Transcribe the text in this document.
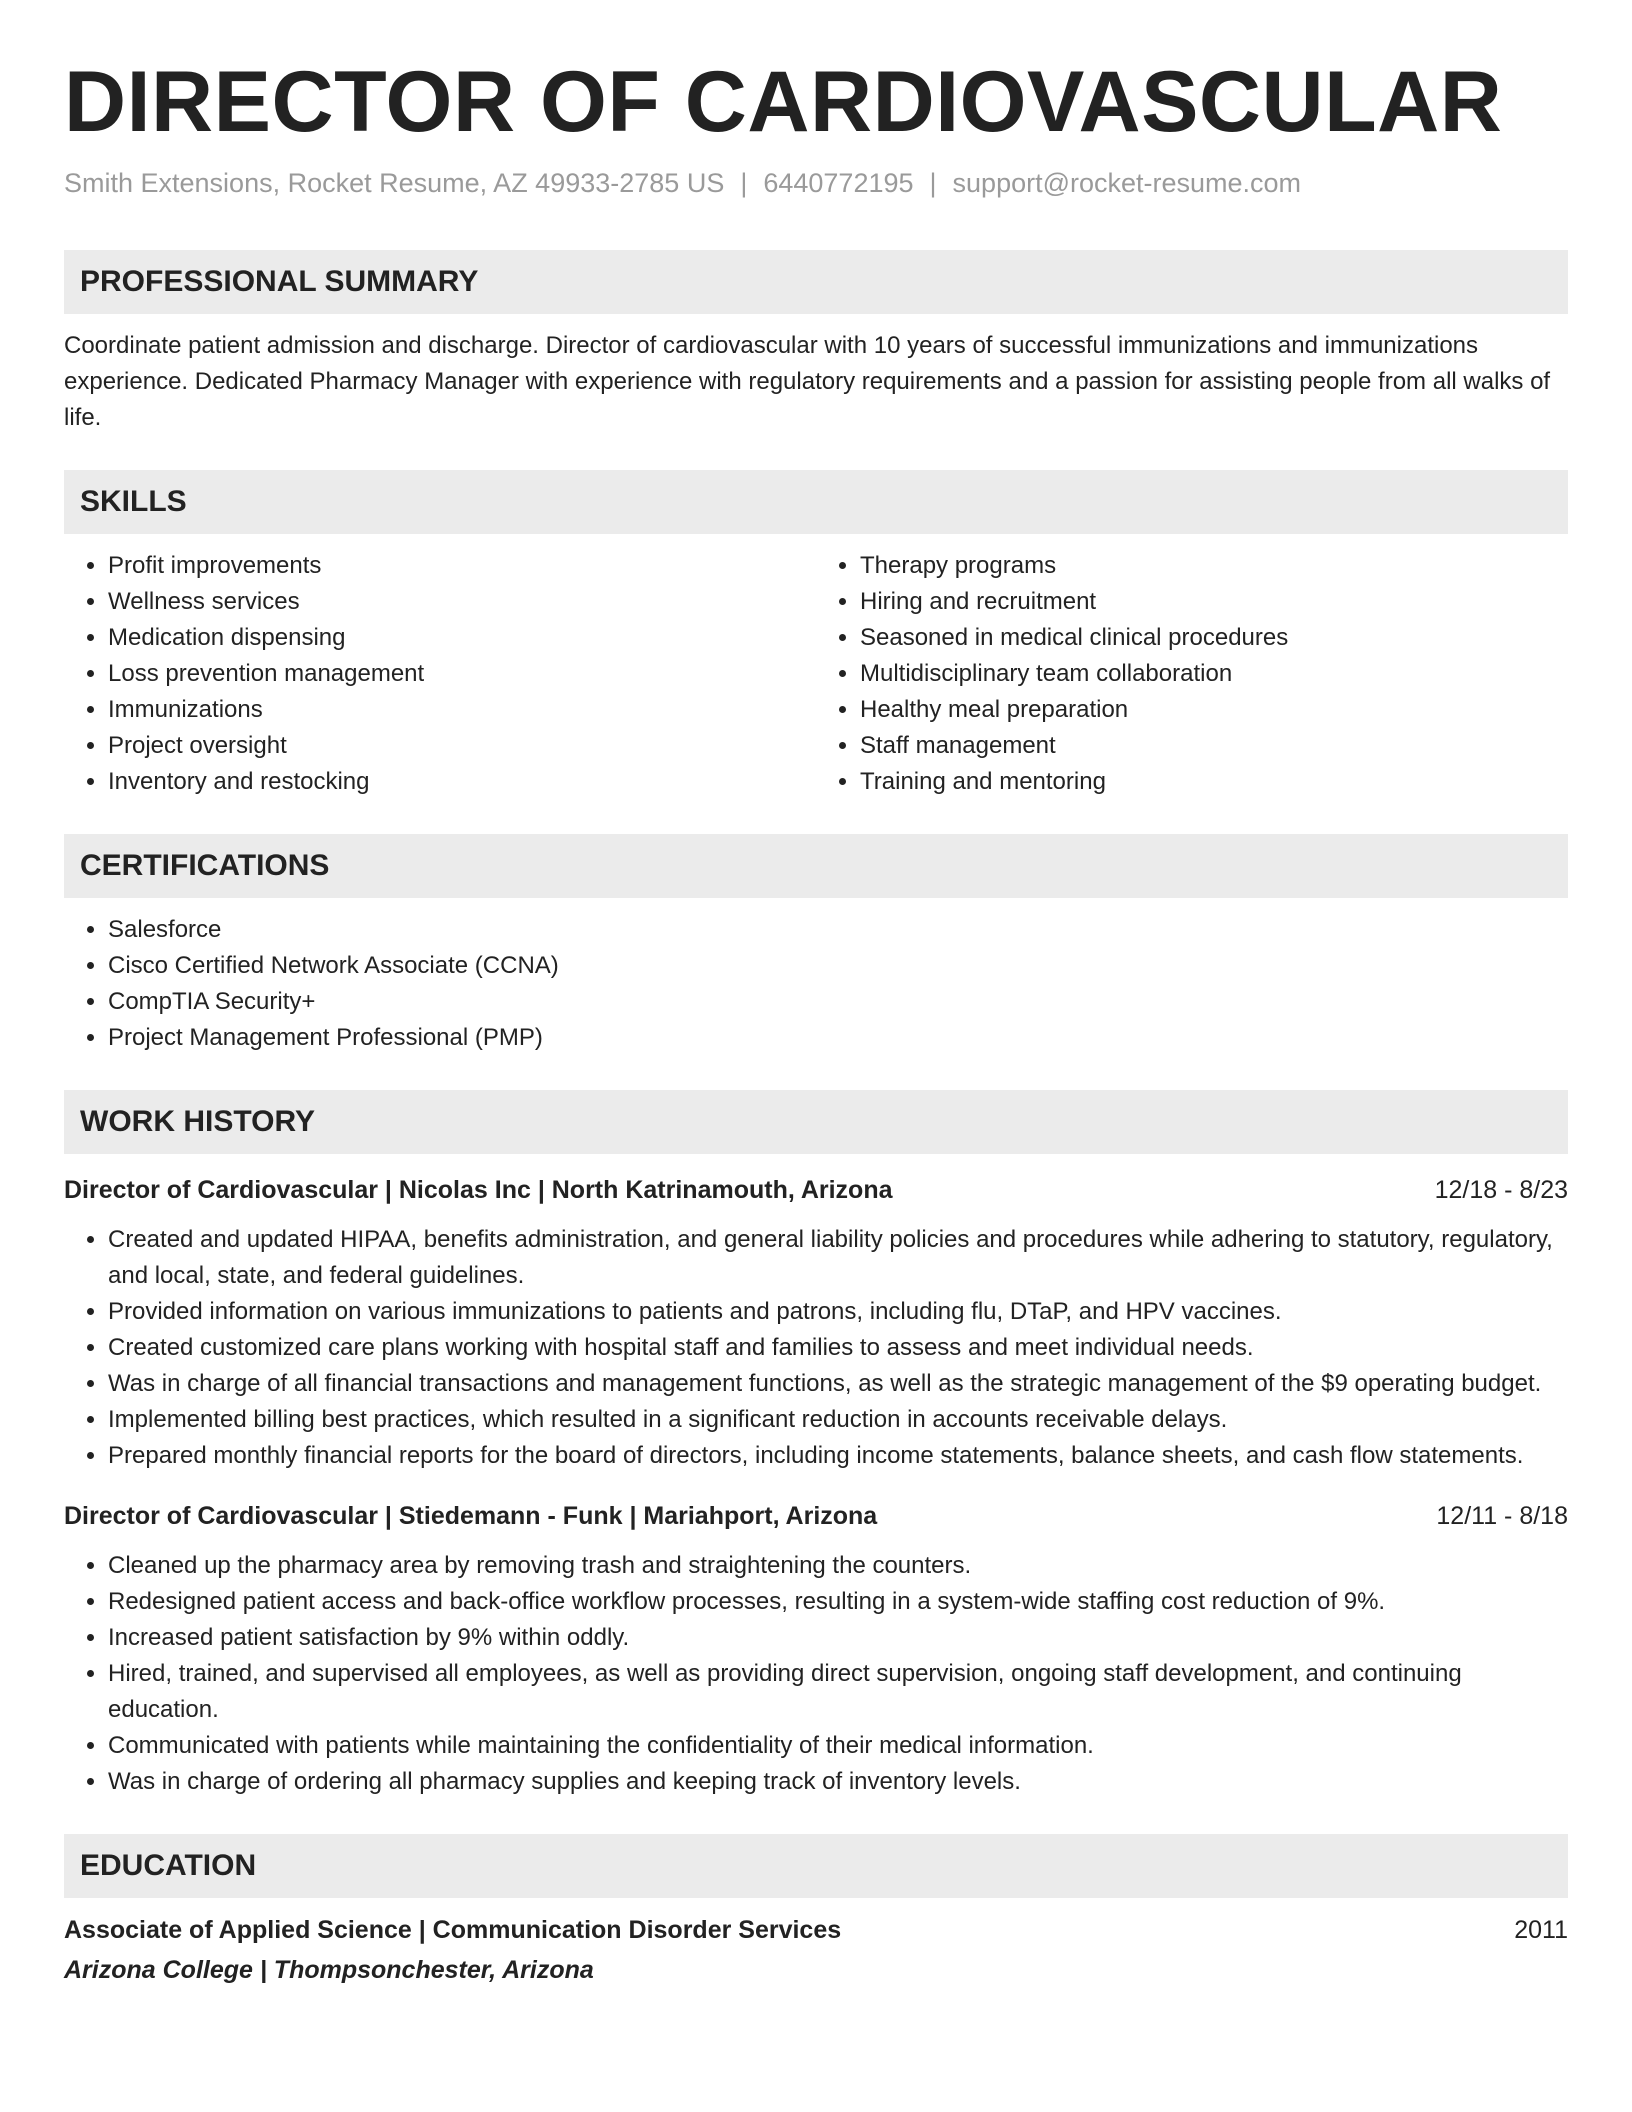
DIRECTOR OF CARDIOVASCULAR
Smith Extensions, Rocket Resume, AZ 49933-2785 US | 6440772195 | support@rocket-resume.com
PROFESSIONAL SUMMARY
Coordinate patient admission and discharge. Director of cardiovascular with 10 years of successful immunizations and immunizations experience. Dedicated Pharmacy Manager with experience with regulatory requirements and a passion for assisting people from all walks of life.
SKILLS
• Profit improvements
• Wellness services
• Medication dispensing
• Loss prevention management
• Immunizations
• Project oversight
• Inventory and restocking
• Therapy programs
• Hiring and recruitment
• Seasoned in medical clinical procedures
• Multidisciplinary team collaboration
• Healthy meal preparation
• Staff management
• Training and mentoring
CERTIFICATIONS
• Salesforce
• Cisco Certified Network Associate (CCNA)
• CompTIA Security+
• Project Management Professional (PMP)
WORK HISTORY
Director of Cardiovascular | Nicolas Inc | North Katrinamouth, Arizona	12/18 - 8/23
• Created and updated HIPAA, benefits administration, and general liability policies and procedures while adhering to statutory, regulatory, and local, state, and federal guidelines.
• Provided information on various immunizations to patients and patrons, including flu, DTaP, and HPV vaccines.
• Created customized care plans working with hospital staff and families to assess and meet individual needs.
• Was in charge of all financial transactions and management functions, as well as the strategic management of the $9 operating budget.
• Implemented billing best practices, which resulted in a significant reduction in accounts receivable delays.
• Prepared monthly financial reports for the board of directors, including income statements, balance sheets, and cash flow statements.
Director of Cardiovascular | Stiedemann - Funk | Mariahport, Arizona	12/11 - 8/18
• Cleaned up the pharmacy area by removing trash and straightening the counters.
• Redesigned patient access and back-office workflow processes, resulting in a system-wide staffing cost reduction of 9%.
• Increased patient satisfaction by 9% within oddly.
• Hired, trained, and supervised all employees, as well as providing direct supervision, ongoing staff development, and continuing education.
• Communicated with patients while maintaining the confidentiality of their medical information.
• Was in charge of ordering all pharmacy supplies and keeping track of inventory levels.
EDUCATION
Associate of Applied Science | Communication Disorder Services	2011
Arizona College | Thompsonchester, Arizona
